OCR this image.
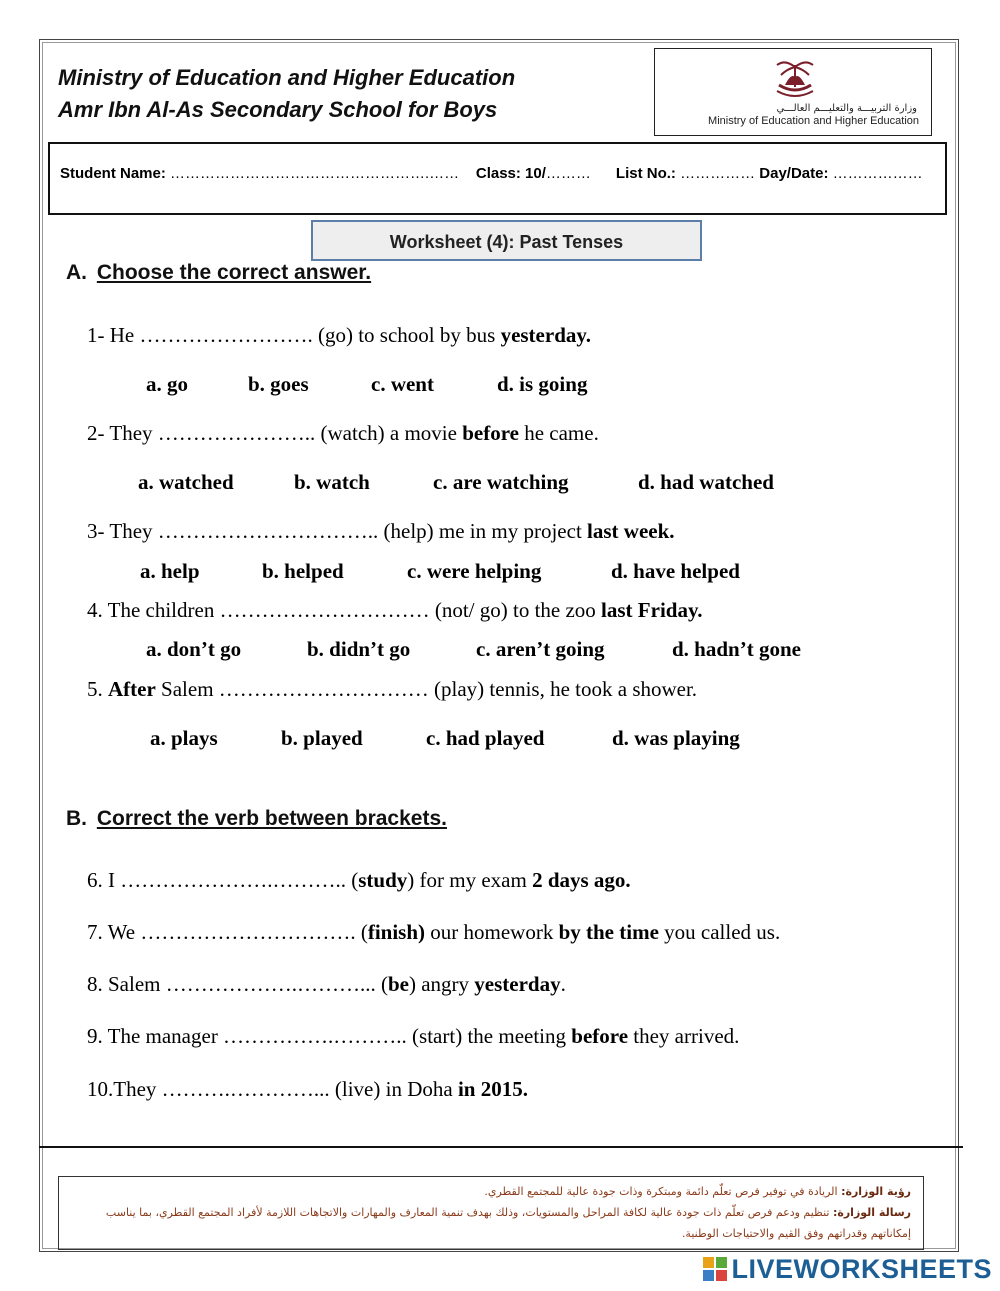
Ministry of Education and Higher Education
Amr Ibn Al-As Secondary School for Boys	وزارة التربيـــة والتعليـــم العالـــي
Ministry of Education and Higher Education
Student Name: …………………………………………….…… Class: 10/……… List No.: …………… Day/Date: ………………
Worksheet (4): Past Tenses
A. Choose the correct answer.
1- He ……………………. (go) to school by bus yesterday.
a. go	b. goes	c. went	d. is going
2- They ………………….. (watch) a movie before he came.
a. watched	b. watch	c. are watching	d. had watched
3- They ………………………….. (help) me in my project last week.
a. help	b. helped	c. were helping	d. have helped
4. The children ………………………… (not/ go) to the zoo last Friday.
a. don’t go	b. didn’t go	c. aren’t going	d. hadn’t gone
5. After Salem ………………………… (play) tennis, he took a shower.
a. plays	b. played	c. had played	d. was playing
B. Correct the verb between brackets.
6. I ………………….……….. (study) for my exam 2 days ago.
7. We …………………………. (finish) our homework by the time you called us.
8. Salem ……………….………... (be) angry yesterday.
9. The manager …………….……….. (start) the meeting before they arrived.
10.They ……….…………... (live) in Doha in 2015.
رؤية الوزارة: الريادة في توفير فرص تعلّم دائمة ومبتكرة وذات جودة عالية للمجتمع القطري.
رسالة الوزارة: تنظيم ودعم فرص تعلّم ذات جودة عالية لكافة المراحل والمستويات، وذلك بهدف تنمية المعارف والمهارات والاتجاهات اللازمة لأفراد المجتمع القطري، بما يناسب إمكاناتهم وقدراتهم وفق القيم والاحتياجات الوطنية.
LIVEWORKSHEETS
